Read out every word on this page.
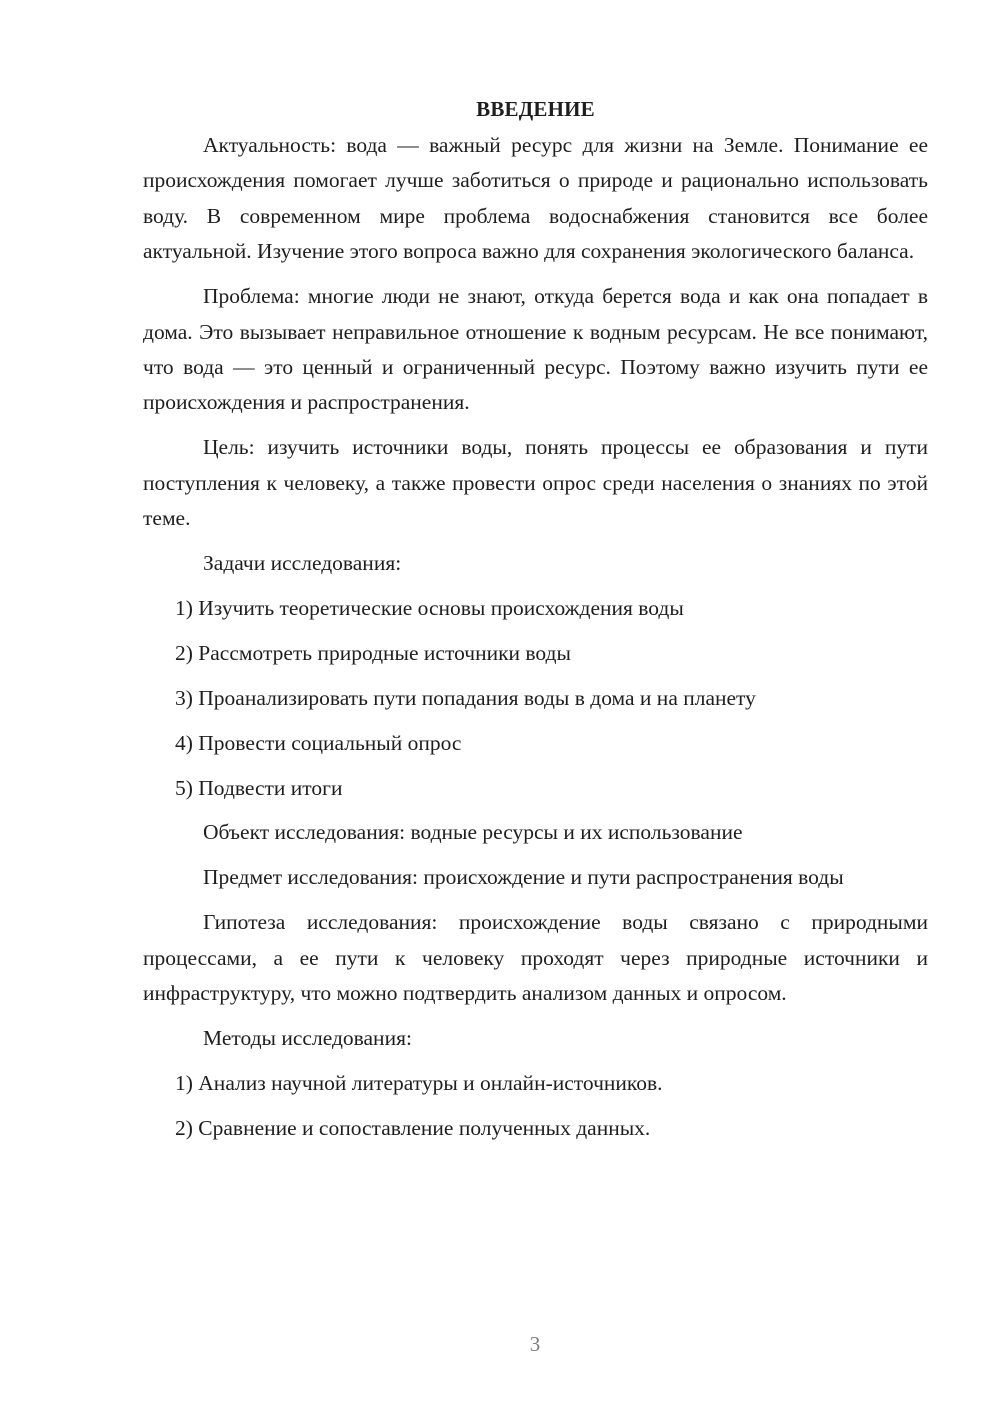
ВВЕДЕНИЕ

Актуальность: вода — важный ресурс для жизни на Земле. Понимание ее происхождения помогает лучше заботиться о природе и рационально использовать воду. В современном мире проблема водоснабжения становится все более актуальной. Изучение этого вопроса важно для сохранения экологического баланса.

Проблема: многие люди не знают, откуда берется вода и как она попадает в дома. Это вызывает неправильное отношение к водным ресурсам. Не все понимают, что вода — это ценный и ограниченный ресурс. Поэтому важно изучить пути ее происхождения и распространения.

Цель: изучить источники воды, понять процессы ее образования и пути поступления к человеку, а также провести опрос среди населения о знаниях по этой теме.

Задачи исследования:

1) Изучить теоретические основы происхождения воды
2) Рассмотреть природные источники воды
3) Проанализировать пути попадания воды в дома и на планету
4) Провести социальный опрос
5) Подвести итоги

Объект исследования: водные ресурсы и их использование

Предмет исследования: происхождение и пути распространения воды

Гипотеза исследования: происхождение воды связано с природными процессами, а ее пути к человеку проходят через природные источники и инфраструктуру, что можно подтвердить анализом данных и опросом.

Методы исследования:

1) Анализ научной литературы и онлайн-источников.
2) Сравнение и сопоставление полученных данных.
3
